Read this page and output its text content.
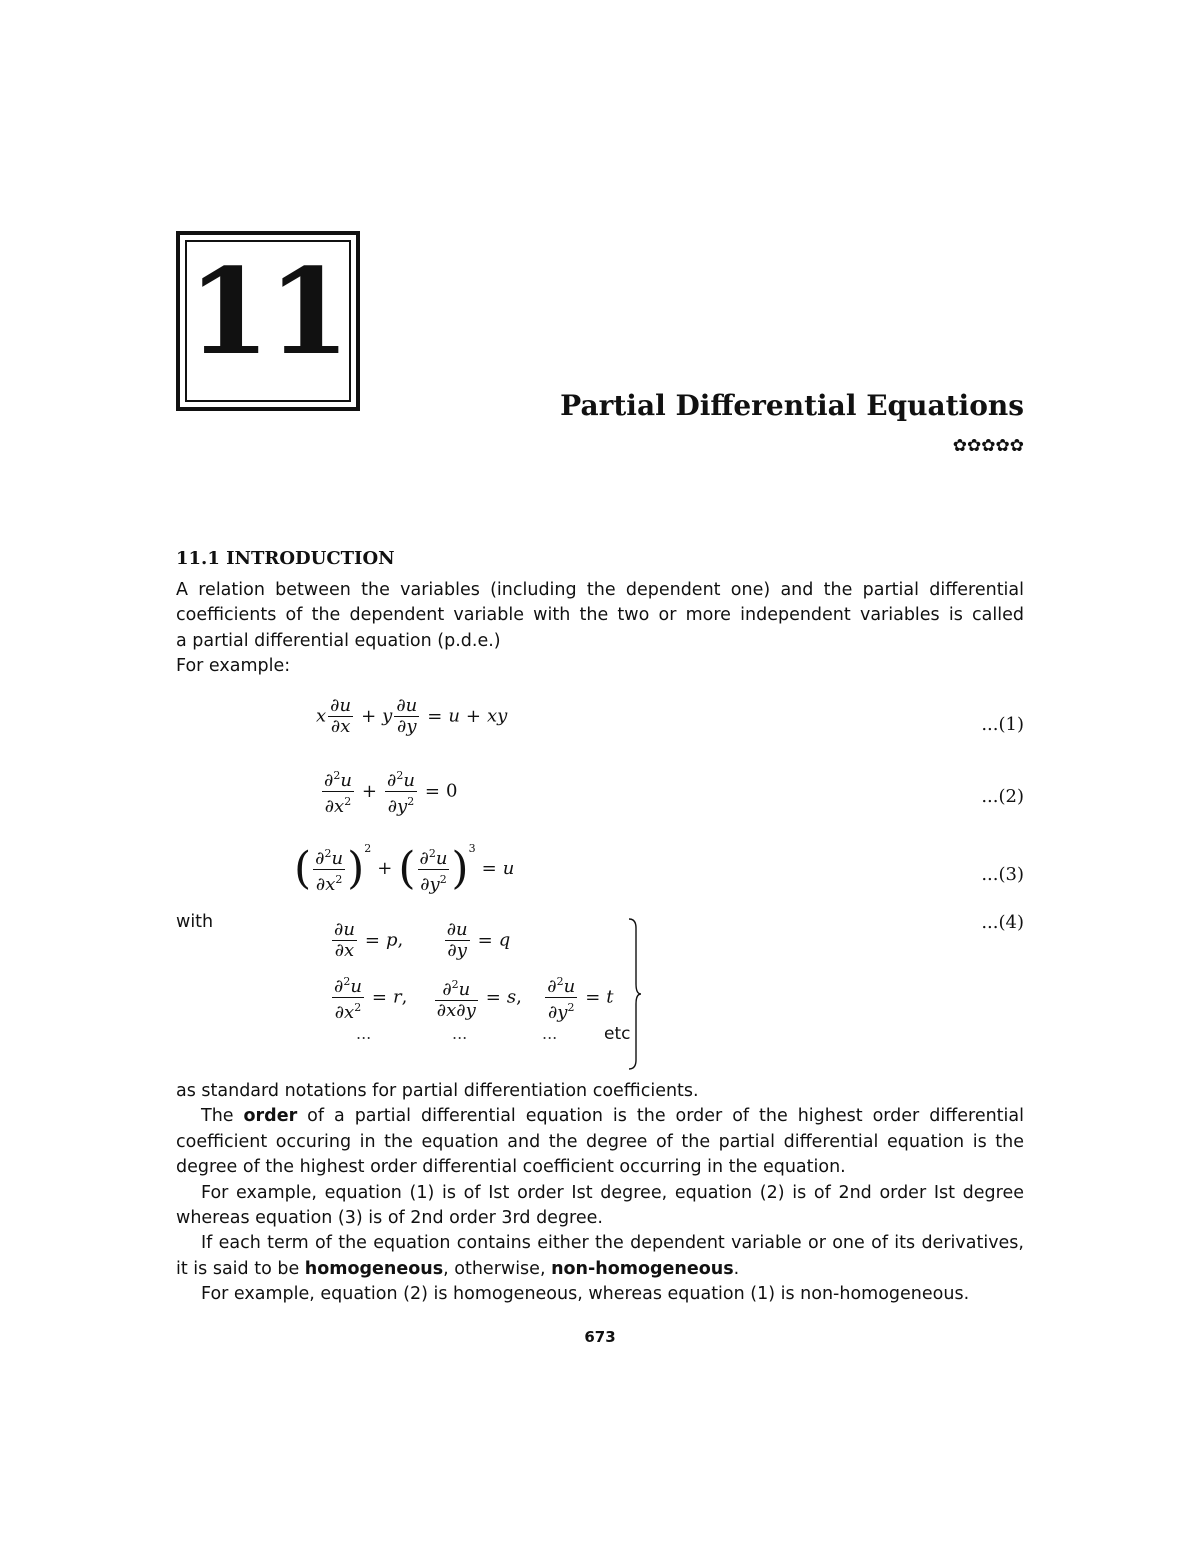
11
Partial Differential Equations
✿✿✿✿✿
11.1 INTRODUCTION
A relation between the variables (including the dependent one) and the partial differential
coefficients of the dependent variable with the two or more independent variables is called
a partial differential equation (p.d.e.)
For example:
x $\frac{\partial u}{\partial x} + y \frac{\partial u}{\partial y} = u$ + xy	...(1)
$\frac{\partial^2u}{\partial x^2} + \frac{\partial^2u}{\partial y^2} = 0$	...(2)
( $\frac{\partial^2u}{\partial x^2} )^2+$ ( $\frac{\partial^2u}{\partial y^2} )^3= u$	...(3)
with	...(4)
$\frac{\partial u}{\partial x} = p$, $\frac{\partial u}{\partial y} = q$
$\frac{\partial^2u}{\partial x^2} = r$, $\frac{\partial^2u}{\partial x\partial y} = s$, $\frac{\partial^2u}{\partial y^2} = t$
...	...	...	etc
as standard notations for partial differentiation coefficients.
The order of a partial differential equation is the order of the highest order differential
coefficient occuring in the equation and the degree of the partial differential equation is the
degree of the highest order differential coefficient occurring in the equation.
For example, equation (1) is of Ist order Ist degree, equation (2) is of 2nd order Ist degree
whereas equation (3) is of 2nd order 3rd degree.
If each term of the equation contains either the dependent variable or one of its derivatives,
it is said to be homogeneous, otherwise, non-homogeneous.
For example, equation (2) is homogeneous, whereas equation (1) is non-homogeneous.
673
